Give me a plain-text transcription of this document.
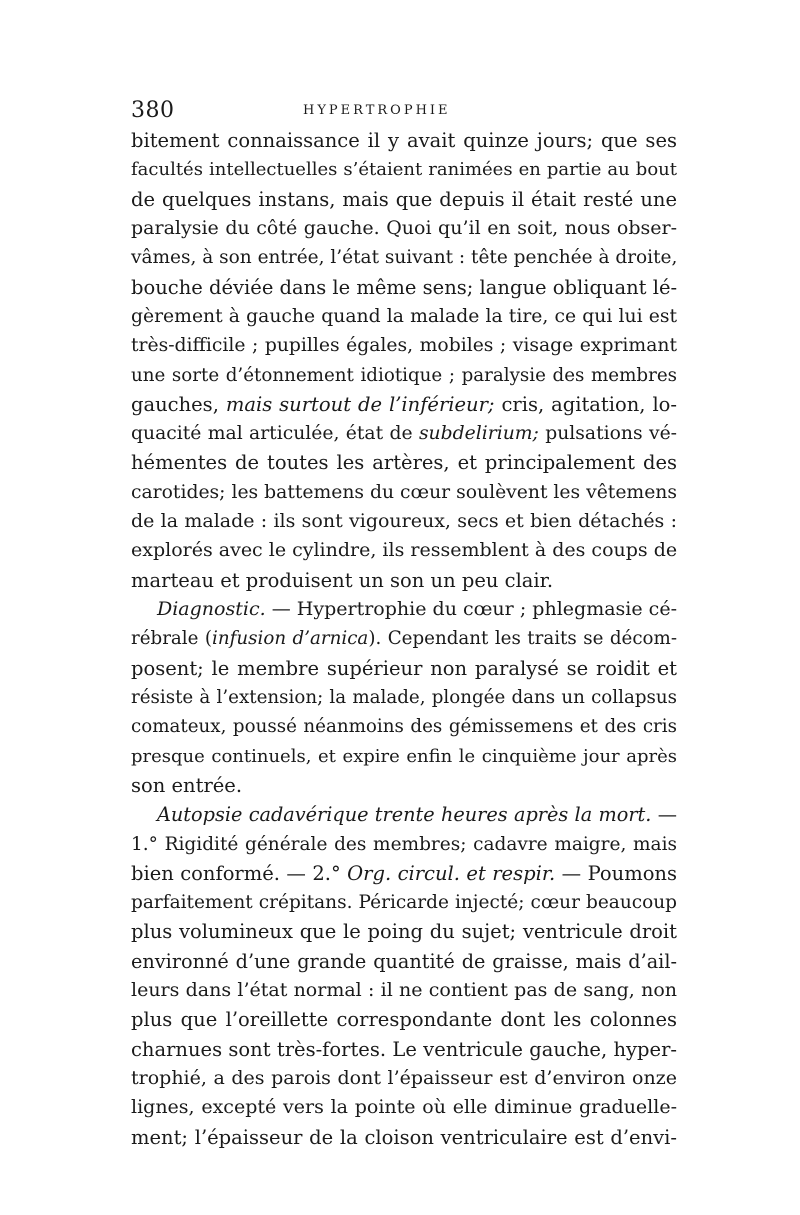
380	HYPERTROPHIE
bitement connaissance il y avait quinze jours; que ses
facultés intellectuelles s’étaient ranimées en partie au bout
de quelques instans, mais que depuis il était resté une
paralysie du côté gauche. Quoi qu’il en soit, nous obser-
vâmes, à son entrée, l’état suivant : tête penchée à droite,
bouche déviée dans le même sens; langue obliquant lé-
gèrement à gauche quand la malade la tire, ce qui lui est
très-difficile ; pupilles égales, mobiles ; visage exprimant
une sorte d’étonnement idiotique ; paralysie des membres
gauches, mais surtout de l’inférieur; cris, agitation, lo-
quacité mal articulée, état de subdelirium; pulsations vé-
hémentes de toutes les artères, et principalement des
carotides; les battemens du cœur soulèvent les vêtemens
de la malade : ils sont vigoureux, secs et bien détachés :
explorés avec le cylindre, ils ressemblent à des coups de
marteau et produisent un son un peu clair.
Diagnostic. — Hypertrophie du cœur ; phlegmasie cé-
rébrale (infusion d’arnica). Cependant les traits se décom-
posent; le membre supérieur non paralysé se roidit et
résiste à l’extension; la malade, plongée dans un collapsus
comateux, poussé néanmoins des gémissemens et des cris
presque continuels, et expire enfin le cinquième jour après
son entrée.
Autopsie cadavérique trente heures après la mort. —
1.° Rigidité générale des membres; cadavre maigre, mais
bien conformé. — 2.° Org. circul. et respir. — Poumons
parfaitement crépitans. Péricarde injecté; cœur beaucoup
plus volumineux que le poing du sujet; ventricule droit
environné d’une grande quantité de graisse, mais d’ail-
leurs dans l’état normal : il ne contient pas de sang, non
plus que l’oreillette correspondante dont les colonnes
charnues sont très-fortes. Le ventricule gauche, hyper-
trophié, a des parois dont l’épaisseur est d’environ onze
lignes, excepté vers la pointe où elle diminue graduelle-
ment; l’épaisseur de la cloison ventriculaire est d’envi-
